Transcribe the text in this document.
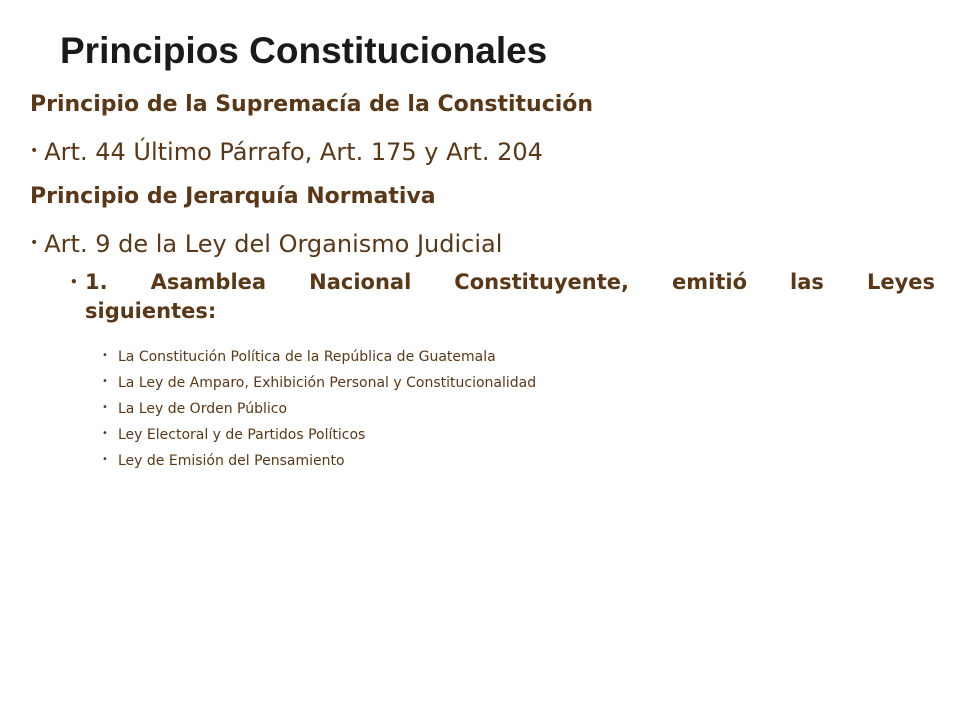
Principios Constitucionales

Principio de la Supremacía de la Constitución

• Art. 44 Último Párrafo, Art. 175 y Art. 204

Principio de Jerarquía Normativa

• Art. 9 de la Ley del Organismo Judicial
• 1. Asamblea Nacional Constituyente, emitió las Leyes
siguientes:
• La Constitución Política de la República de Guatemala
• La Ley de Amparo, Exhibición Personal y Constitucionalidad
• La Ley de Orden Público
• Ley Electoral y de Partidos Políticos
• Ley de Emisión del Pensamiento
